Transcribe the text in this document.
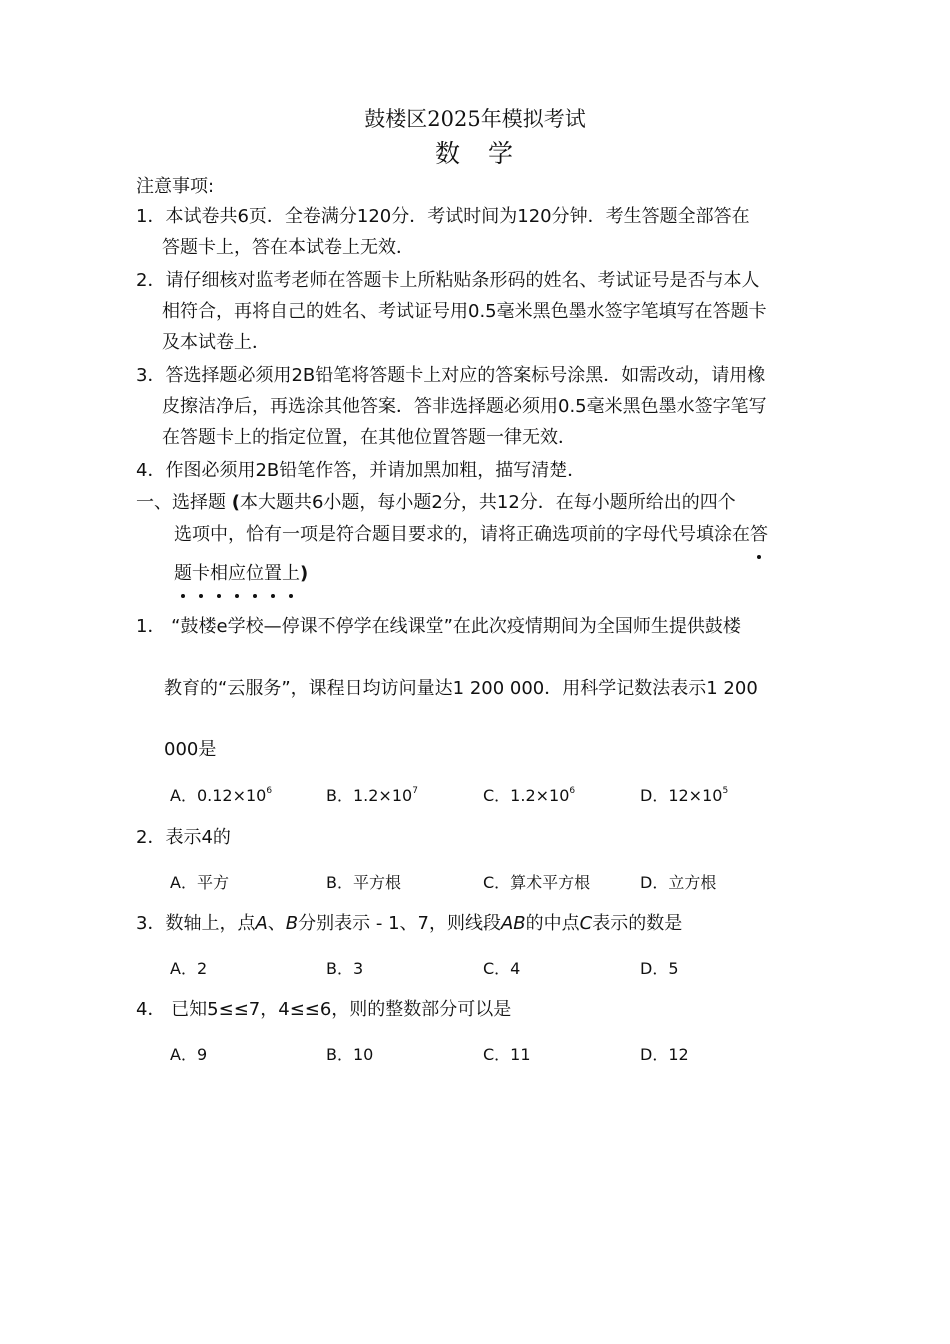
鼓楼区2025年模拟考试
数 学
注意事项:
1．本试卷共6页．全卷满分120分．考试时间为120分钟．考生答题全部答在
答题卡上，答在本试卷上无效．
2．请仔细核对监考老师在答题卡上所粘贴条形码的姓名、考试证号是否与本人
相符合，再将自己的姓名、考试证号用0.5毫米黑色墨水签字笔填写在答题卡
及本试卷上．
3．答选择题必须用2B铅笔将答题卡上对应的答案标号涂黑．如需改动，请用橡
皮擦洁净后，再选涂其他答案．答非选择题必须用0.5毫米黑色墨水签字笔写
在答题卡上的指定位置，在其他位置答题一律无效．
4．作图必须用2B铅笔作答，并请加黑加粗，描写清楚．
一、选择题 (本大题共6小题，每小题2分，共12分．在每小题所给出的四个
选项中，恰有一项是符合题目要求的，请将正确选项前的字母代号填涂在答
题卡相应位置上)
1． “鼓楼e学校—停课不停学在线课堂”在此次疫情期间为全国师生提供鼓楼
教育的“云服务”，课程日均访问量达1 200 000．用科学记数法表示1 200
000是
A．$0.12\times 10^6$	B．$1.2\times 10^7$	C．$1.2\times 10^6$	D．$12\times 10^5$
2．表示4的
A．平方	B．平方根	C．算术平方根	D．立方根
3．数轴上，点A、B分别表示 - 1、7，则线段AB的中点C表示的数是
A．2	B．3	C．4	D．5
4． 已知5≤≤7，4≤≤6，则的整数部分可以是
A．9	B．10	C．11	D．12
